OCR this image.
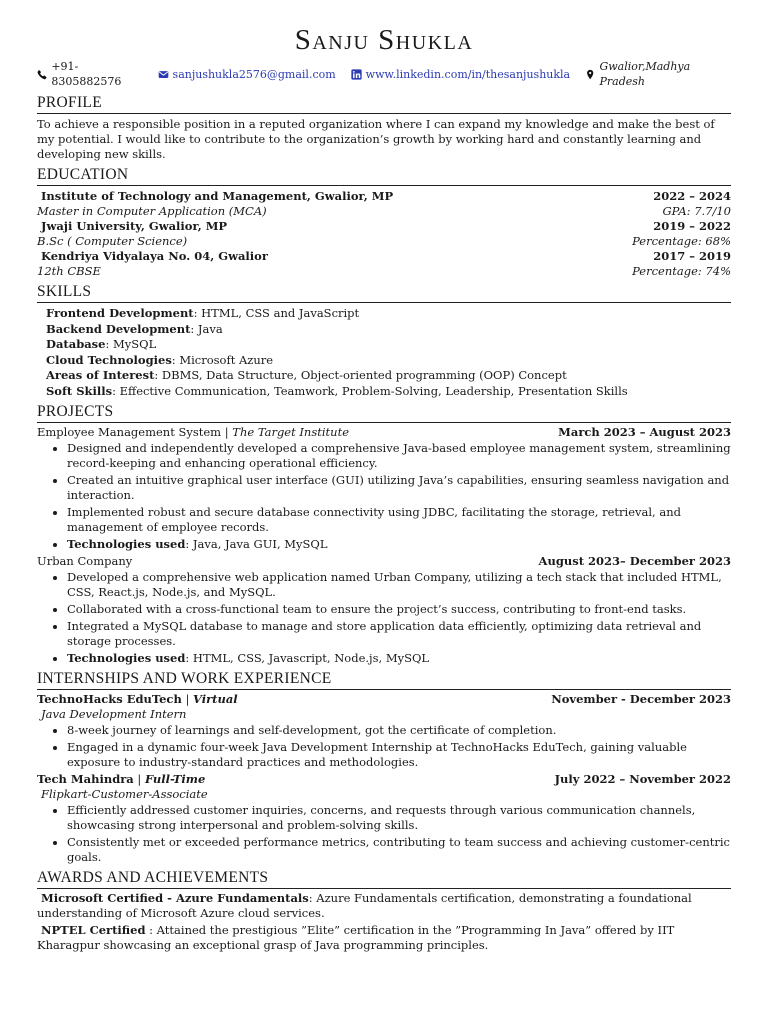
Sanju Shukla
+91-8305882576
sanjushukla2576@gmail.com	www.linkedin.com/in/thesanjushukla
Gwalior,Madhya Pradesh
PROFILE
To achieve a responsible position in a reputed organization where I can expand my knowledge and make the best of my potential. I would like to contribute to the organization’s growth by working hard and constantly learning and developing new skills.
EDUCATION
Institute of Technology and Management, Gwalior, MP	2022 – 2024
Master in Computer Application (MCA)	GPA: 7.7/10
Jwaji University, Gwalior, MP	2019 – 2022
B.Sc ( Computer Science)	Percentage: 68%
Kendriya Vidyalaya No. 04, Gwalior	2017 – 2019
12th CBSE	Percentage: 74%
SKILLS
Frontend Development: HTML, CSS and JavaScript
Backend Development: Java
Database: MySQL
Cloud Technologies: Microsoft Azure
Areas of Interest: DBMS, Data Structure, Object-oriented programming (OOP) Concept
Soft Skills: Effective Communication, Teamwork, Problem-Solving, Leadership, Presentation Skills
PROJECTS
Employee Management System | The Target Institute	March 2023 – August 2023
• Designed and independently developed a comprehensive Java-based employee management system, streamlining record-keeping and enhancing operational efficiency.
• Created an intuitive graphical user interface (GUI) utilizing Java’s capabilities, ensuring seamless navigation and interaction.
• Implemented robust and secure database connectivity using JDBC, facilitating the storage, retrieval, and management of employee records.
• Technologies used: Java, Java GUI, MySQL
Urban Company	August 2023– December 2023
• Developed a comprehensive web application named Urban Company, utilizing a tech stack that included HTML, CSS, React.js, Node.js, and MySQL.
• Collaborated with a cross-functional team to ensure the project’s success, contributing to front-end tasks.
• Integrated a MySQL database to manage and store application data efficiently, optimizing data retrieval and storage processes.
• Technologies used: HTML, CSS, Javascript, Node.js, MySQL
INTERNSHIPS AND WORK EXPERIENCE
TechnoHacks EduTech | Virtual	November - December 2023
Java Development Intern
• 8-week journey of learnings and self-development, got the certificate of completion.
• Engaged in a dynamic four-week Java Development Internship at TechnoHacks EduTech, gaining valuable exposure to industry-standard practices and methodologies.
Tech Mahindra | Full-Time	July 2022 – November 2022
Flipkart-Customer-Associate
• Efficiently addressed customer inquiries, concerns, and requests through various communication channels, showcasing strong interpersonal and problem-solving skills.
• Consistently met or exceeded performance metrics, contributing to team success and achieving customer-centric goals.
AWARDS AND ACHIEVEMENTS
Microsoft Certified - Azure Fundamentals: Azure Fundamentals certification, demonstrating a foundational understanding of Microsoft Azure cloud services.
NPTEL Certified : Attained the prestigious ”Elite” certification in the ”Programming In Java” offered by IIT Kharagpur showcasing an exceptional grasp of Java programming principles.
